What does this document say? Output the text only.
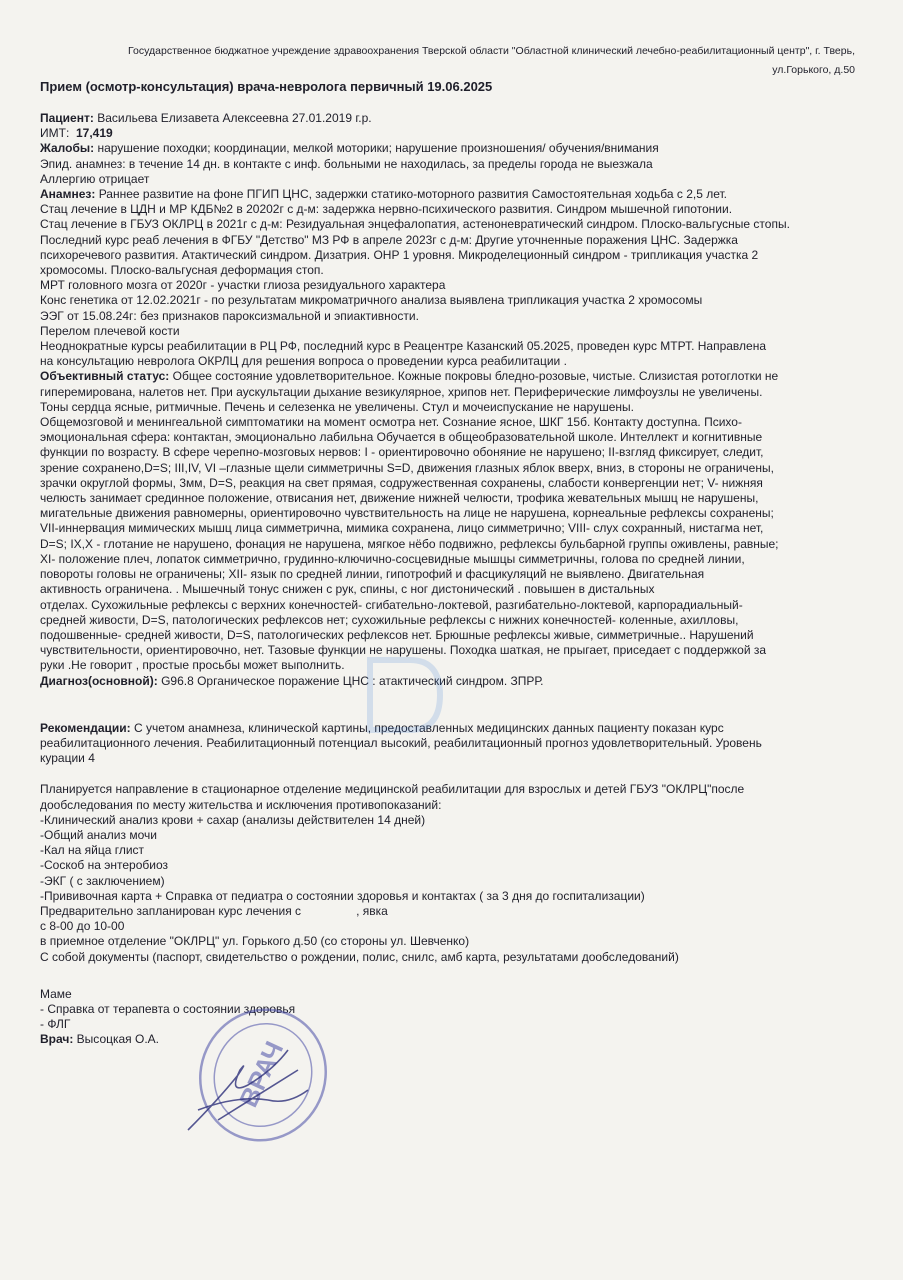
Государственное бюджатное учреждение здравоохранения Тверской области "Областной клинический лечебно-реабилитационный центр", г. Тверь,
ул.Горького, д.50
Прием (осмотр-консультация) врача-невролога первичный 19.06.2025

Пациент: Васильева Елизавета Алексеевна 27.01.2019 г.р.

ИМТ: 17,419

Жалобы: нарушение походки; координации, мелкой моторики; нарушение произношения/ обучения/внимания

Эпид. анамнез: в течение 14 дн. в контакте с инф. больными не находилась, за пределы города не выезжала

Аллергию отрицает

Анамнез: Раннее развитие на фоне ПГИП ЦНС, задержки статико-моторного развития Самостоятельная ходьба с 2,5 лет.

Стац лечение в ЦДН и МР КДБ№2 в 20202г с д-м: задержка нервно-психического развития. Синдром мышечной гипотонии.

Стац лечение в ГБУЗ ОКЛРЦ в 2021г с д-м: Резидуальная энцефалопатия, астеноневратический синдром. Плоско-вальгусные стопы.

Последний курс реаб лечения в ФГБУ "Детство" МЗ РФ в апреле 2023г с д-м: Другие уточненные поражения ЦНС. Задержка

психоречевого развития. Атактический синдром. Дизатрия. ОНР 1 уровня. Микроделеционный синдром - трипликация участка 2

хромосомы. Плоско-вальгусная деформация стоп.

МРТ головного мозга от 2020г - участки глиоза резидуального характера

Конс генетика от 12.02.2021г - по результатам микроматричного анализа выявлена трипликация участка 2 хромосомы

ЭЭГ от 15.08.24г: без признаков пароксизмальной и эпиактивности.

Перелом плечевой кости

Неоднократные курсы реабилитации в РЦ РФ, последний курс в Реацентре Казанский 05.2025, проведен курс МТРТ. Направлена

на консультацию невролога ОКРЛЦ для решения вопроса о проведении курса реабилитации .

Объективный статус: Общее состояние удовлетворительное. Кожные покровы бледно-розовые, чистые. Слизистая ротоглотки не

гиперемирована, налетов нет. При аускультации дыхание везикулярное, хрипов нет. Периферические лимфоузлы не увеличены.

Тоны сердца ясные, ритмичные. Печень и селезенка не увеличены. Стул и мочеиспускание не нарушены.

Общемозговой и менингеальной симптоматики на момент осмотра нет. Сознание ясное, ШКГ 15б. Контакту доступна. Психо-

эмоциональная сфера: контактан, эмоционально лабильна Обучается в общеобразовательной школе. Интеллект и когнитивные

функции по возрасту. В сфере черепно-мозговых нервов: I - ориентировочно обоняние не нарушено; II-взгляд фиксирует, следит,

зрение сохранено,D=S; III,IV, VI –глазные щели симметричны S=D, движения глазных яблок вверх, вниз, в стороны не ограничены,

зрачки округлой формы, 3мм, D=S, реакция на свет прямая, содружественная сохранены, слабости конвергенции нет; V- нижняя

челюсть занимает срединное положение, отвисания нет, движение нижней челюсти, трофика жевательных мышц не нарушены,

мигательные движения равномерны, ориентировочно чувствительность на лице не нарушена, корнеальные рефлексы сохранены;

VII-иннервация мимических мышц лица симметрична, мимика сохранена, лицо симметрично; VIII- слух сохранный, нистагма нет,

D=S; IX,X - глотание не нарушено, фонация не нарушена, мягкое нёбо подвижно, рефлексы бульбарной группы оживлены, равные;

XI- положение плеч, лопаток симметрично, грудинно-ключично-сосцевидные мышцы симметричны, голова по средней линии,

повороты головы не ограничены; XII- язык по средней линии, гипотрофий и фасцикуляций не выявлено. Двигательная

активность ограничена. . Мышечный тонус снижен с рук, спины, с ног дистонический . повышен в дистальных

отделах. Сухожильные рефлексы с верхних конечностей- сгибательно-локтевой, разгибательно-локтевой, карпорадиальный-

средней живости, D=S, патологических рефлексов нет; сухожильные рефлексы с нижних конечностей- коленные, ахилловы,

подошвенные- средней живости, D=S, патологических рефлексов нет. Брюшные рефлексы живые, симметричные.. Нарушений

чувствительности, ориентировочно, нет. Тазовые функции не нарушены. Походка шаткая, не прыгает, приседает с поддержкой за

руки .Не говорит , простые просьбы может выполнить.

Диагноз(основной): G96.8 Органическое поражение ЦНС : атактический синдром. ЗПРР.

Рекомендации: С учетом анамнеза, клинической картины, предоставленных медицинских данных пациенту показан курс

реабилитационного лечения. Реабилитационный потенциал высокий, реабилитационный прогноз удовлетворительный. Уровень

курации 4

Планируется направление в стационарное отделение медицинской реабилитации для взрослых и детей ГБУЗ "ОКЛРЦ"после

дообследования по месту жительства и исключения противопоказаний:

-Клинический анализ крови + сахар (анализы действителен 14 дней)

-Общий анализ мочи

-Кал на яйца глист

-Соскоб на энтеробиоз

-ЭКГ ( с заключением)

-Прививочная карта + Справка от педиатра о состоянии здоровья и контактах ( за 3 дня до госпитализации)

Предварительно запланирован курс лечения с	, явка

с 8-00 до 10-00

в приемное отделение "ОКЛРЦ" ул. Горького д.50 (со стороны ул. Шевченко)

С собой документы (паспорт, свидетельство о рождении, полис, снилс, амб карта, результатами дообследований)

Маме

- Справка от терапевта о состоянии здоровья

- ФЛГ

Врач: Высоцкая О.А.	ВРАЧ
